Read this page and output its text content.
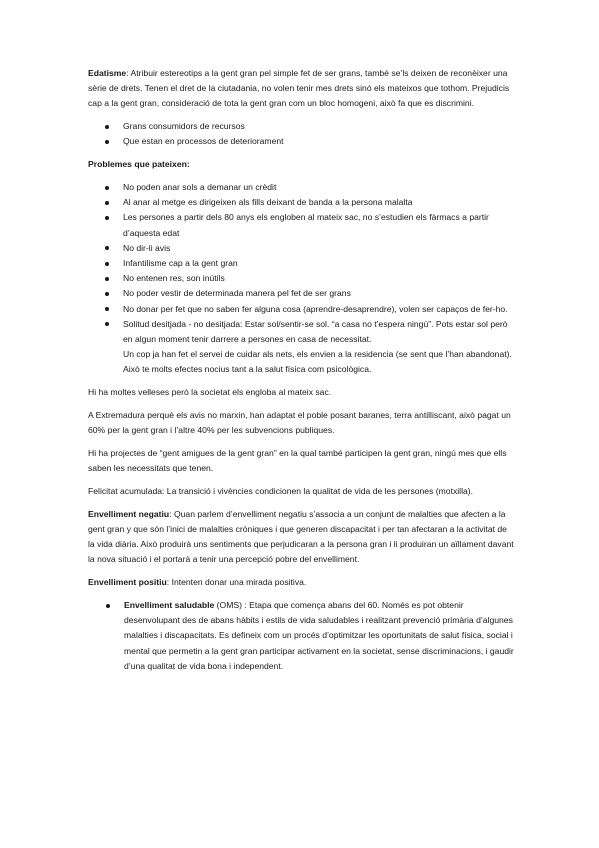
Edatisme: Atribuir estereotips a la gent gran pel simple fet de ser grans, també se’ls deixen de reconèixer una sèrie de drets. Tenen el dret de la ciutadania, no volen tenir mes drets sinó els mateixos que tothom. Prejudicis cap a la gent gran, consideració de tota la gent gran com un bloc homogeni, això fa que es discrimini.

Grans consumidors de recursos
Que estan en processos de deteriorament

Problemes que pateixen:

No poden anar sols a demanar un crèdit
Al anar al metge es dirigeixen als fills deixant de banda a la persona malalta
Les persones a partir dels 80 anys els engloben al mateix sac, no s’estudien els fàrmacs a partir d’aquesta edat
No dir-li avis
Infantilisme cap a la gent gran
No entenen res, son inútils
No poder vestir de determinada manera pel fet de ser grans
No donar per fet que no saben fer alguna cosa (aprendre-desaprendre), volen ser capaços de fer-ho.
Solitud desitjada - no desitjada: Estar sol/sentir-se sol. “a casa no t’espera ningú”. Pots estar sol però en algun moment tenir darrere a persones en casa de necessitat.
Un cop ja han fet el servei de cuidar als nets, els envien a la residencia (se sent que l’han abandonat). Això te molts efectes nocius tant a la salut física com psicològica.

Hi ha moltes velleses però la societat els engloba al mateix sac.

A Extremadura perquè els avis no marxin, han adaptat el poble posant baranes, terra antilliscant, això pagat un 60% per la gent gran i l’altre 40% per les subvencions publiques.

Hi ha projectes de “gent amigues de la gent gran” en la qual també participen la gent gran, ningú mes que ells saben les necessitats que tenen.

Felicitat acumulada: La transició i vivències condicionen la qualitat de vida de les persones (motxilla).

Envelliment negatiu: Quan parlem d’envelliment negatiu s’associa a un conjunt de malalties que afecten a la gent gran y que són l’inici de malalties cròniques i que generen discapacitat i per tan afectaran a la activitat de la vida diària. Això produirà uns sentiments que perjudicaran a la persona gran i li produiran un aïllament davant la nova situació i el portarà a tenir una percepció pobre del envelliment.

Envelliment positiu: Intenten donar una mirada positiva.

Envelliment saludable (OMS) : Etapa que comença abans del 60. Només es pot obtenir desenvolupant des de abans hàbits i estils de vida saludables i realitzant prevenció primària d’algunes malalties i discapacitats. Es defineix com un procés d’optimitzar les oportunitats de salut física, social i mental que permetin a la gent gran participar activament en la societat, sense discriminacions, i gaudir d’una qualitat de vida bona i independent.
